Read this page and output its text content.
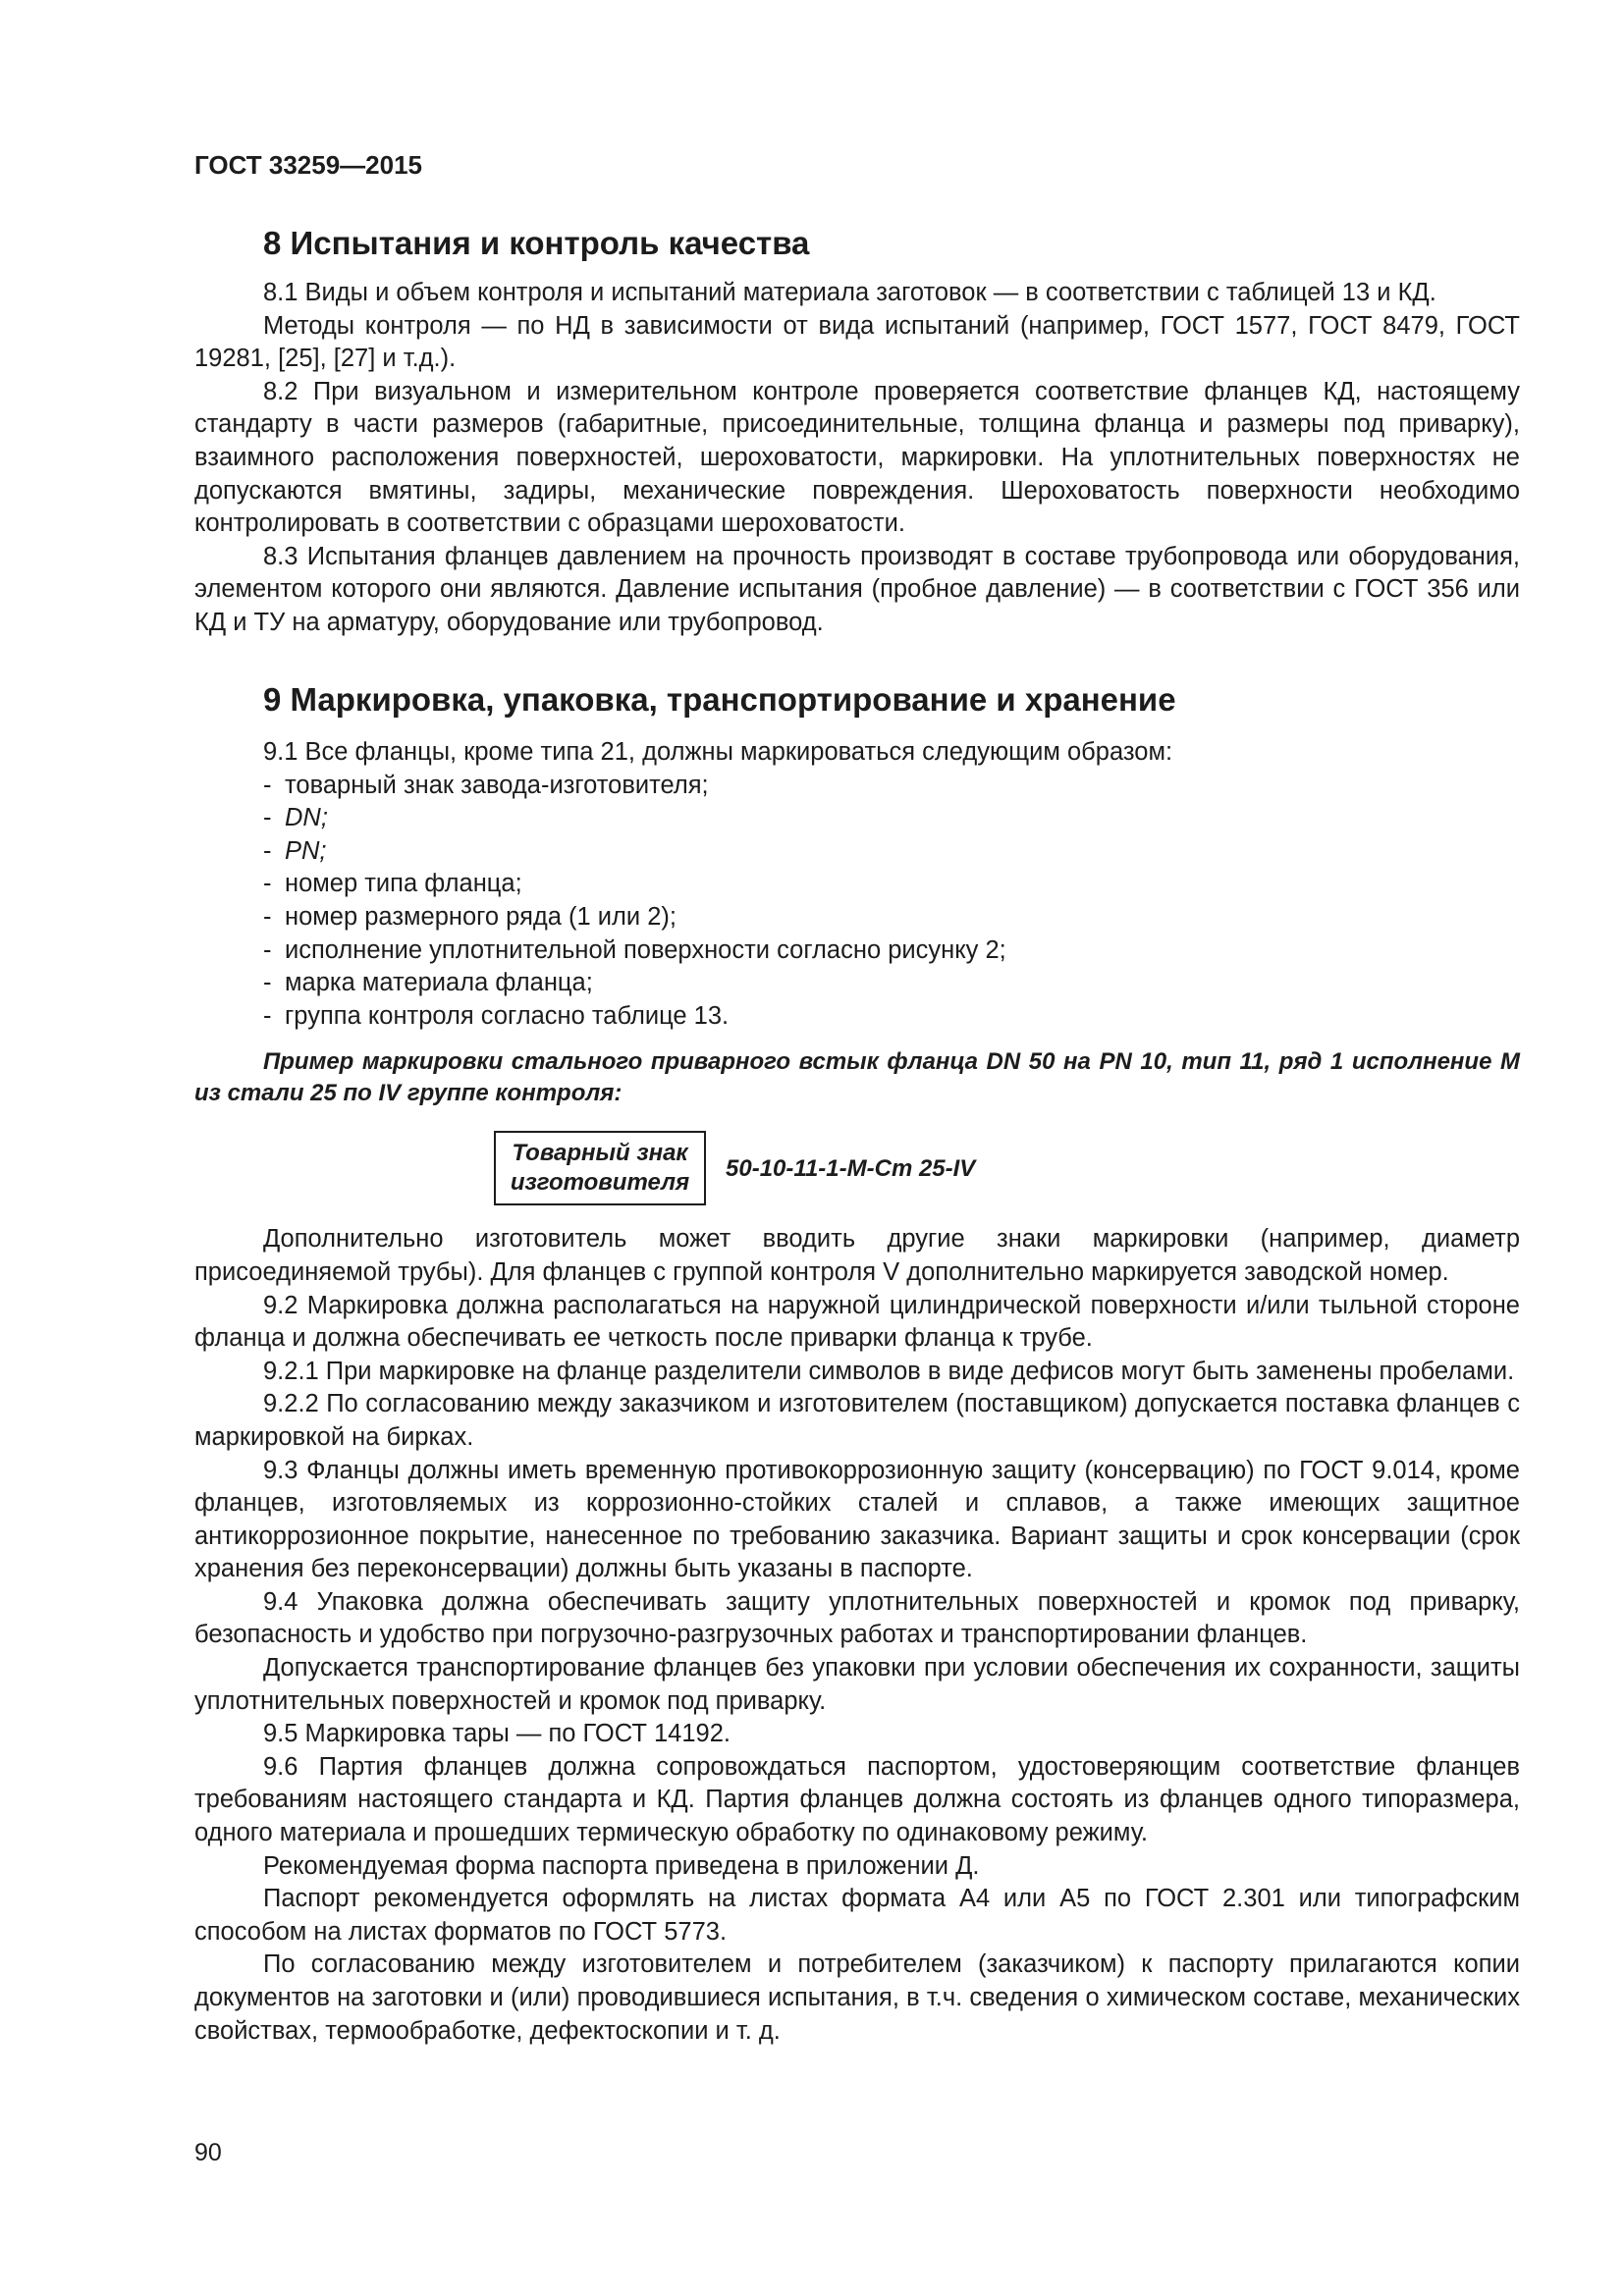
ГОСТ 33259—2015
8 Испытания и контроль качества

8.1 Виды и объем контроля и испытаний материала заготовок — в соответствии с таблицей 13 и КД.

Методы контроля — по НД в зависимости от вида испытаний (например, ГОСТ 1577, ГОСТ 8479, ГОСТ 19281, [25], [27] и т.д.).

8.2 При визуальном и измерительном контроле проверяется соответствие фланцев КД, настоящему стандарту в части размеров (габаритные, присоединительные, толщина фланца и размеры под приварку), взаимного расположения поверхностей, шероховатости, маркировки. На уплотнительных поверхностях не допускаются вмятины, задиры, механические повреждения. Шероховатость поверхности необходимо контролировать в соответствии с образцами шероховатости.

8.3 Испытания фланцев давлением на прочность производят в составе трубопровода или оборудования, элементом которого они являются. Давление испытания (пробное давление) — в соответствии с ГОСТ 356 или КД и ТУ на арматуру, оборудование или трубопровод.

9 Маркировка, упаковка, транспортирование и хранение

9.1 Все фланцы, кроме типа 21, должны маркироваться следующим образом:

- товарный знак завода-изготовителя;
- DN;
- PN;
- номер типа фланца;
- номер размерного ряда (1 или 2);
- исполнение уплотнительной поверхности согласно рисунку 2;
- марка материала фланца;
- группа контроля согласно таблице 13.

Пример маркировки стального приварного встык фланца DN 50 на PN 10, тип 11, ряд 1 исполнение М из стали 25 по IV группе контроля:

Товарный знак
изготовителя
50-10-11-1-М-Ст 25-IV

Дополнительно изготовитель может вводить другие знаки маркировки (например, диаметр присоединяемой трубы). Для фланцев с группой контроля V дополнительно маркируется заводской номер.

9.2 Маркировка должна располагаться на наружной цилиндрической поверхности и/или тыльной стороне фланца и должна обеспечивать ее четкость после приварки фланца к трубе.

9.2.1 При маркировке на фланце разделители символов в виде дефисов могут быть заменены пробелами.

9.2.2 По согласованию между заказчиком и изготовителем (поставщиком) допускается поставка фланцев с маркировкой на бирках.

9.3 Фланцы должны иметь временную противокоррозионную защиту (консервацию) по ГОСТ 9.014, кроме фланцев, изготовляемых из коррозионно-стойких сталей и сплавов, а также имеющих защитное антикоррозионное покрытие, нанесенное по требованию заказчика. Вариант защиты и срок консервации (срок хранения без переконсервации) должны быть указаны в паспорте.

9.4 Упаковка должна обеспечивать защиту уплотнительных поверхностей и кромок под приварку, безопасность и удобство при погрузочно-разгрузочных работах и транспортировании фланцев.

Допускается транспортирование фланцев без упаковки при условии обеспечения их сохранности, защиты уплотнительных поверхностей и кромок под приварку.

9.5 Маркировка тары — по ГОСТ 14192.

9.6 Партия фланцев должна сопровождаться паспортом, удостоверяющим соответствие фланцев требованиям настоящего стандарта и КД. Партия фланцев должна состоять из фланцев одного типоразмера, одного материала и прошедших термическую обработку по одинаковому режиму.

Рекомендуемая форма паспорта приведена в приложении Д.

Паспорт рекомендуется оформлять на листах формата А4 или А5 по ГОСТ 2.301 или типографским способом на листах форматов по ГОСТ 5773.

По согласованию между изготовителем и потребителем (заказчиком) к паспорту прилагаются копии документов на заготовки и (или) проводившиеся испытания, в т.ч. сведения о химическом составе, механических свойствах, термообработке, дефектоскопии и т. д.

90
